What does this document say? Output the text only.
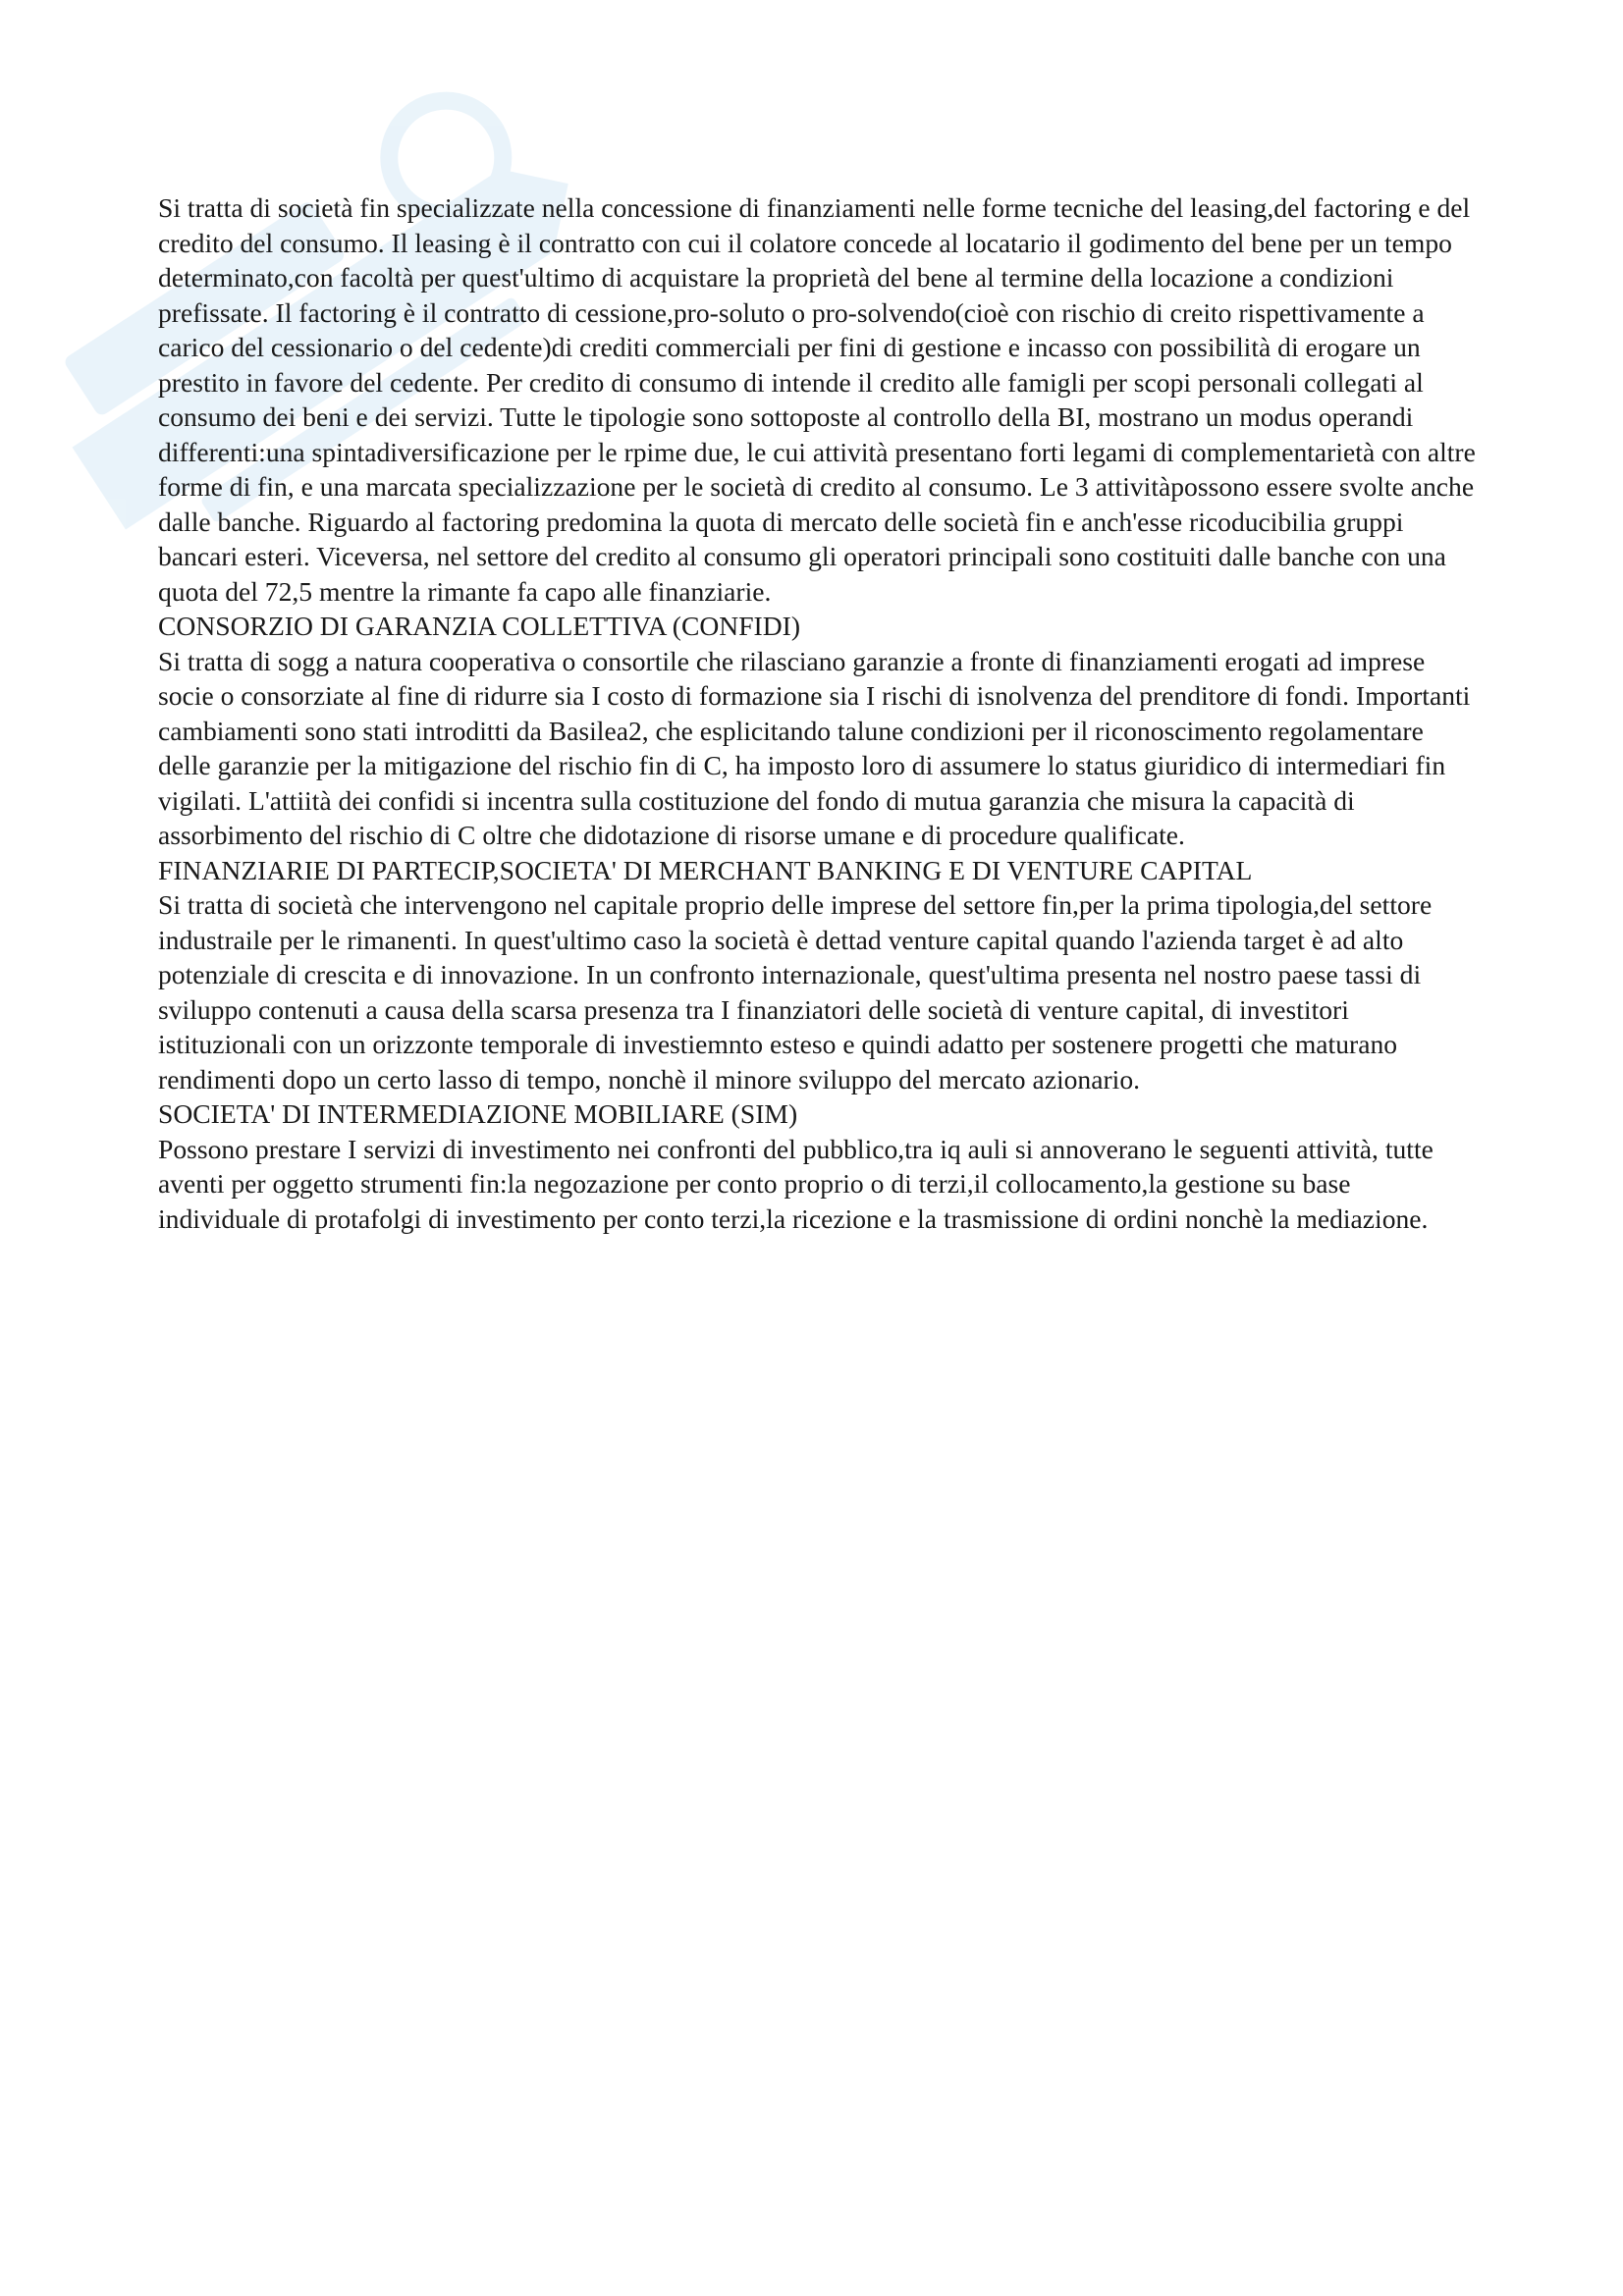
Si tratta di società fin specializzate nella concessione di finanziamenti nelle forme tecniche del leasing,del factoring e del credito del consumo. Il leasing è il contratto con cui il colatore concede al locatario il godimento del bene per un tempo determinato,con facoltà per quest'ultimo di acquistare la proprietà del bene al termine della locazione a condizioni prefissate. Il factoring è il contratto di cessione,pro-soluto o pro-solvendo(cioè con rischio di creito rispettivamente a carico del cessionario o del cedente)di crediti commerciali per fini di gestione e incasso con possibilità di erogare un prestito in favore del cedente. Per credito di consumo di intende il credito alle famigli per scopi personali collegati al consumo dei beni e dei servizi. Tutte le tipologie sono sottoposte al controllo della BI, mostrano un modus operandi differenti:una spintadiversificazione per le rpime due, le cui attività presentano forti legami di complementarietà con altre forme di fin, e una marcata specializzazione per le società di credito al consumo. Le 3 attivitàpossono essere svolte anche dalle banche. Riguardo al factoring predomina la quota di mercato delle società fin e anch'esse ricoducibilia gruppi bancari esteri. Viceversa, nel settore del credito al consumo gli operatori principali sono costituiti dalle banche con una quota del 72,5 mentre la rimante fa capo alle finanziarie.

CONSORZIO DI GARANZIA COLLETTIVA (CONFIDI)

Si tratta di sogg a natura cooperativa o consortile che rilasciano garanzie a fronte di finanziamenti erogati ad imprese socie o consorziate al fine di ridurre sia I costo di formazione sia I rischi di isnolvenza del prenditore di fondi. Importanti cambiamenti sono stati introditti da Basilea2, che esplicitando talune condizioni per il riconoscimento regolamentare delle garanzie per la mitigazione del rischio fin di C, ha imposto loro di assumere lo status giuridico di intermediari fin vigilati. L'attiità dei confidi si incentra sulla costituzione del fondo di mutua garanzia che misura la capacità di assorbimento del rischio di C oltre che didotazione di risorse umane e di procedure qualificate.

FINANZIARIE DI PARTECIP,SOCIETA' DI MERCHANT BANKING E DI VENTURE CAPITAL

Si tratta di società che intervengono nel capitale proprio delle imprese del settore fin,per la prima tipologia,del settore industraile per le rimanenti. In quest'ultimo caso la società è dettad venture capital quando l'azienda target è ad alto potenziale di crescita e di innovazione. In un confronto internazionale, quest'ultima presenta nel nostro paese tassi di sviluppo contenuti a causa della scarsa presenza tra I finanziatori delle società di venture capital, di investitori istituzionali con un orizzonte temporale di investiemnto esteso e quindi adatto per sostenere progetti che maturano rendimenti dopo un certo lasso di tempo, nonchè il minore sviluppo del mercato azionario.

SOCIETA' DI INTERMEDIAZIONE MOBILIARE (SIM)

Possono prestare I servizi di investimento nei confronti del pubblico,tra iq auli si annoverano le seguenti attività, tutte aventi per oggetto strumenti fin:la negozazione per conto proprio o di terzi,il collocamento,la gestione su base individuale di protafolgi di investimento per conto terzi,la ricezione e la trasmissione di ordini nonchè la mediazione.
